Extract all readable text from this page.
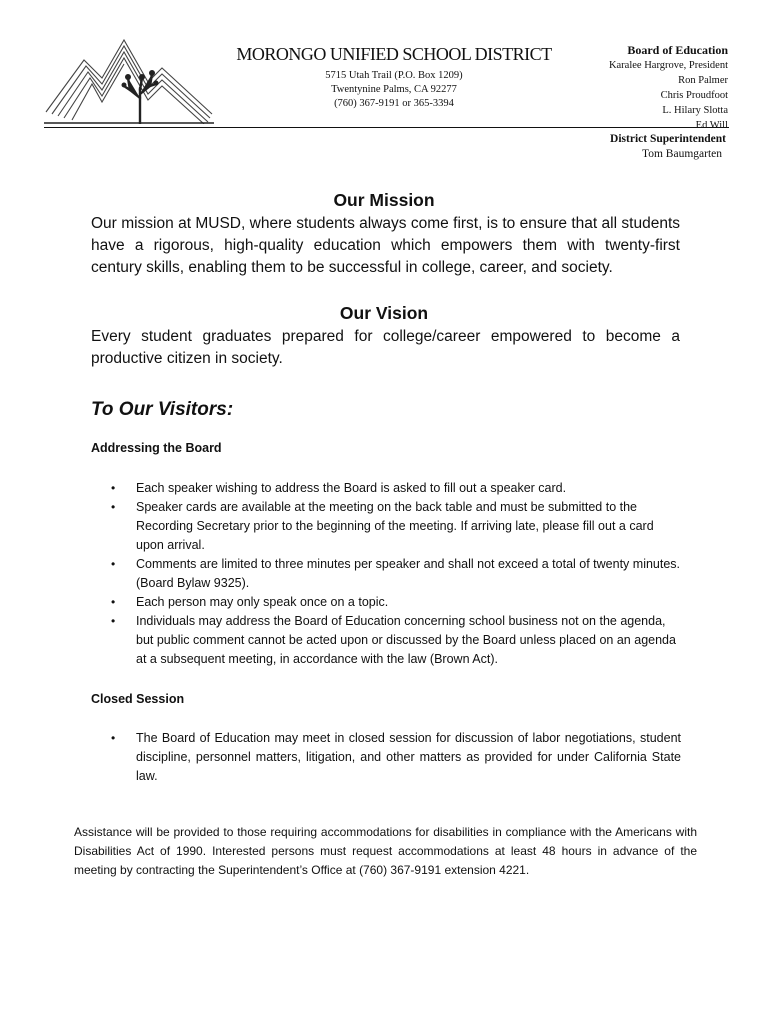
MORONGO UNIFIED SCHOOL DISTRICT
5715 Utah Trail (P.O. Box 1209)
Twentynine Palms, CA 92277
(760) 367-9191 or 365-3394
Board of Education
Karalee Hargrove, President
Ron Palmer
Chris Proudfoot
L. Hilary Slotta
Ed Will
District Superintendent
Tom Baumgarten
Our Mission
Our mission at MUSD, where students always come first, is to ensure that all students have a rigorous, high-quality education which empowers them with twenty-first century skills, enabling them to be successful in college, career, and society.
Our Vision
Every student graduates prepared for college/career empowered to become a productive citizen in society.
To Our Visitors:
Addressing the Board
• Each speaker wishing to address the Board is asked to fill out a speaker card.
• Speaker cards are available at the meeting on the back table and must be submitted to the Recording Secretary prior to the beginning of the meeting. If arriving late, please fill out a card upon arrival.
• Comments are limited to three minutes per speaker and shall not exceed a total of twenty minutes. (Board Bylaw 9325).
• Each person may only speak once on a topic.
• Individuals may address the Board of Education concerning school business not on the agenda, but public comment cannot be acted upon or discussed by the Board unless placed on an agenda at a subsequent meeting, in accordance with the law (Brown Act).
Closed Session
• The Board of Education may meet in closed session for discussion of labor negotiations, student discipline, personnel matters, litigation, and other matters as provided for under California State law.
Assistance will be provided to those requiring accommodations for disabilities in compliance with the Americans with Disabilities Act of 1990. Interested persons must request accommodations at least 48 hours in advance of the meeting by contracting the Superintendent’s Office at (760) 367-9191 extension 4221.
